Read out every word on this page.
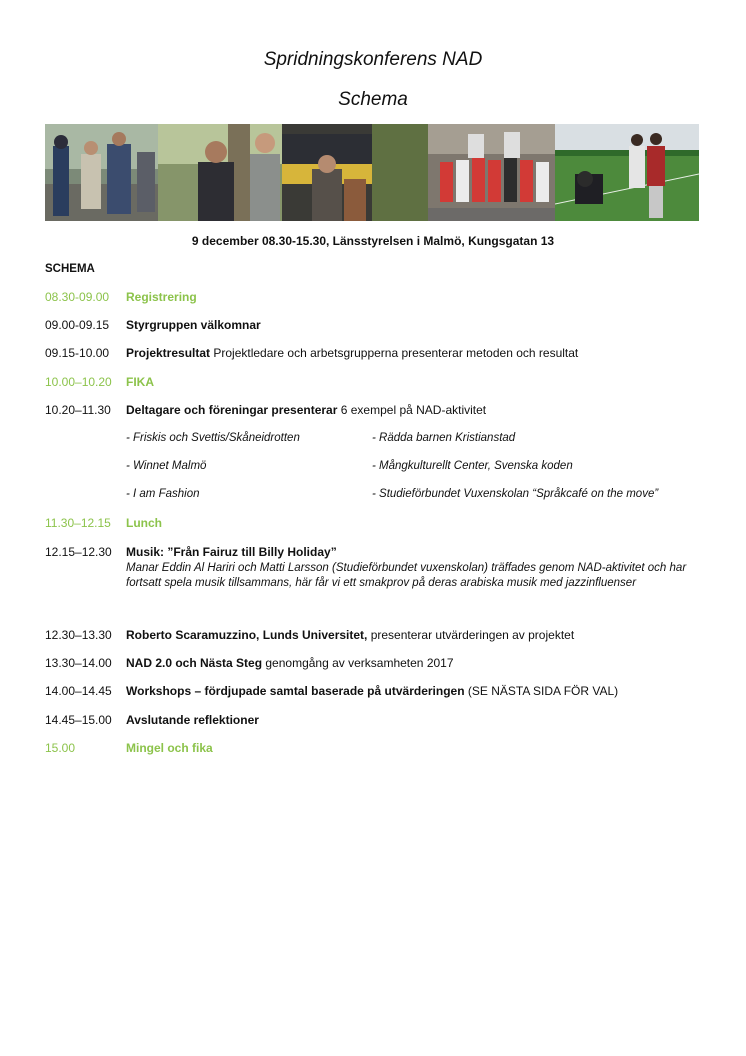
Spridningskonferens NAD
Schema
9 december 08.30-15.30, Länsstyrelsen i Malmö, Kungsgatan 13
SCHEMA
08.30-09.00 Registrering
09.00-09.15 Styrgruppen välkomnar
09.15-10.00 Projektresultat Projektledare och arbetsgrupperna presenterar metoden och resultat
10.00–10.20 FIKA
10.20–11.30 Deltagare och föreningar presenterar 6 exempel på NAD-aktivitet
- Friskis och Svettis/Skåneidrotten	- Rädda barnen Kristianstad
- Winnet Malmö	- Mångkulturellt Center, Svenska koden
- I am Fashion	- Studieförbundet Vuxenskolan “Språkcafé on the move”
11.30–12.15 Lunch
12.15–12.30 Musik: ”Från Fairuz till Billy Holiday”
Manar Eddin Al Hariri och Matti Larsson (Studieförbundet vuxenskolan) träffades genom NAD-aktivitet och har fortsatt spela musik tillsammans, här får vi ett smakprov på deras arabiska musik med jazzinfluenser
12.30–13.30 Roberto Scaramuzzino, Lunds Universitet, presenterar utvärderingen av projektet
13.30–14.00 NAD 2.0 och Nästa Steg genomgång av verksamheten 2017
14.00–14.45 Workshops – fördjupade samtal baserade på utvärderingen (SE NÄSTA SIDA FÖR VAL)
14.45–15.00 Avslutande reflektioner
15.00	Mingel och fika
